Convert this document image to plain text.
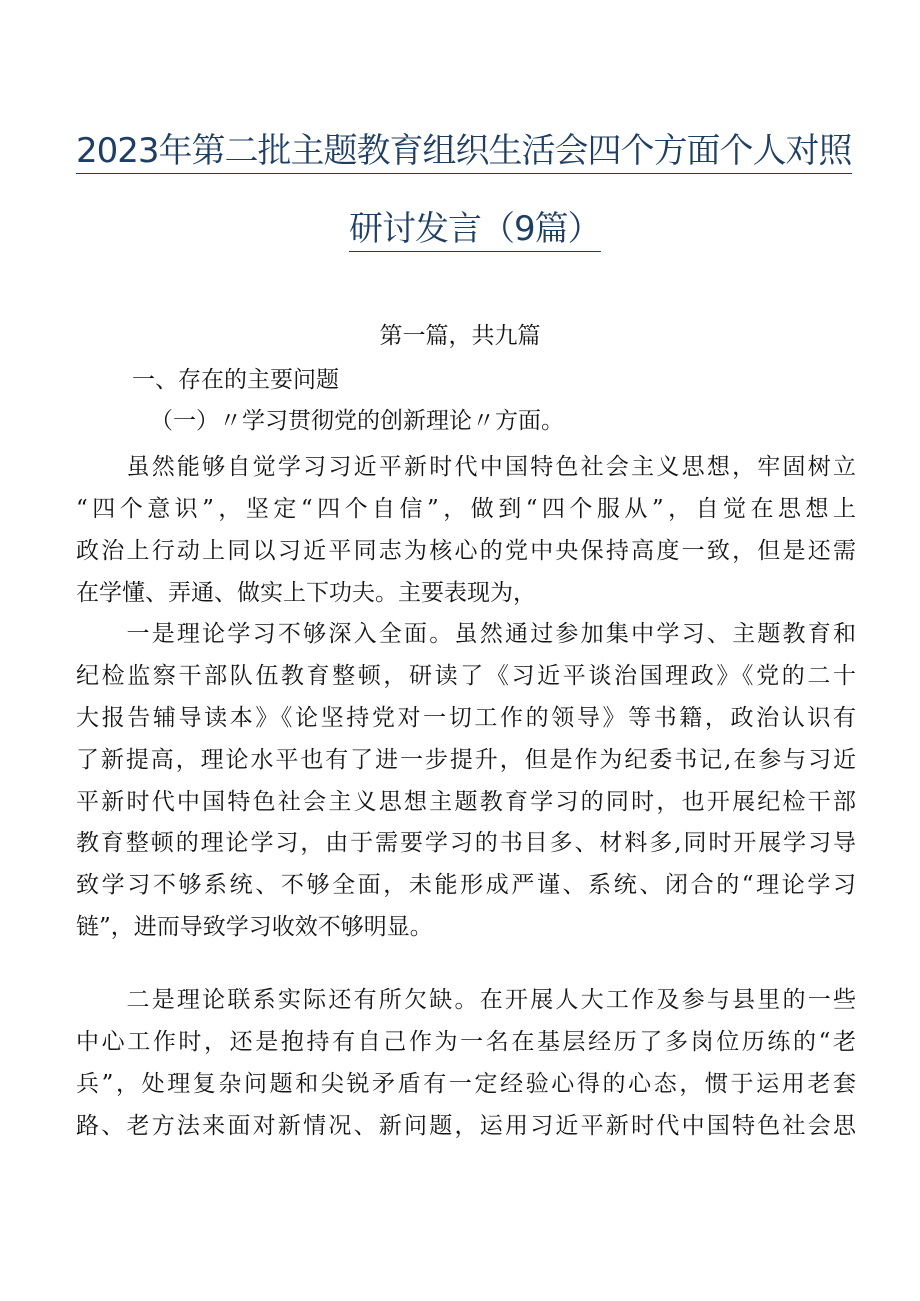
2023年第二批主题教育组织生活会四个方面个人对照
研讨发言（9篇）
第一篇，共九篇
一、存在的主要问题
（一）〃学习贯彻党的创新理论〃方面。
　　虽然能够自觉学习习近平新时代中国特色社会主义思想，牢固树立
“四个意识”，坚定“四个自信”，做到“四个服从”，自觉在思想上
政治上行动上同以习近平同志为核心的党中央保持高度一致，但是还需
在学懂、弄通、做实上下功夫。主要表现为，
　　一是理论学习不够深入全面。虽然通过参加集中学习、主题教育和
纪检监察干部队伍教育整顿，研读了《习近平谈治国理政》《党的二十
大报告辅导读本》《论坚持党对一切工作的领导》等书籍，政治认识有
了新提高，理论水平也有了进一步提升，但是作为纪委书记,在参与习近
平新时代中国特色社会主义思想主题教育学习的同时，也开展纪检干部
教育整顿的理论学习，由于需要学习的书目多、材料多,同时开展学习导
致学习不够系统、不够全面，未能形成严谨、系统、闭合的“理论学习
链”，进而导致学习收效不够明显。
　　二是理论联系实际还有所欠缺。在开展人大工作及参与县里的一些
中心工作时，还是抱持有自己作为一名在基层经历了多岗位历练的“老
兵”，处理复杂问题和尖锐矛盾有一定经验心得的心态，惯于运用老套
路、老方法来面对新情况、新问题，运用习近平新时代中国特色社会思
